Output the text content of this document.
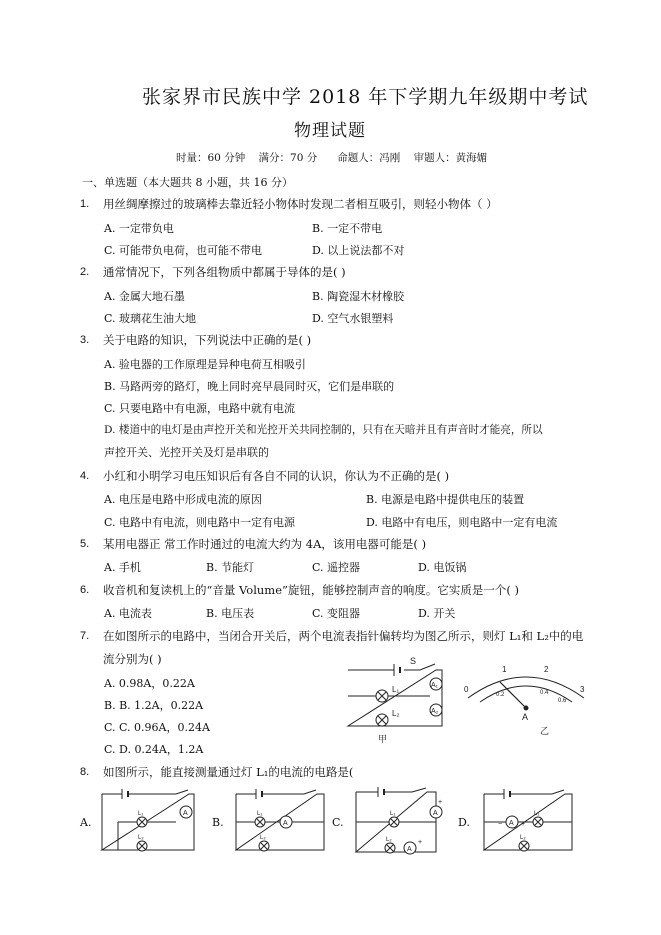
张家界市民族中学 2018 年下学期九年级期中考试
物理试题
时量：60 分钟    满分：70 分      命题人：冯刚    审题人：黄海媚
一、单选题（本大题共 8 小题，共 16 分）
1. 用丝绸摩擦过的玻璃棒去靠近轻小物体时发现二者相互吸引，则轻小物体（ ）
A. 一定带负电	B. 一定不带电
C. 可能带负电荷，也可能不带电	D. 以上说法都不对
2. 通常情况下，下列各组物质中都属于导体的是( )
A. 金属大地石墨	B. 陶瓷湿木材橡胶
C. 玻璃花生油大地	D. 空气水银塑料
3. 关于电路的知识，下列说法中正确的是( )
A. 验电器的工作原理是异种电荷互相吸引
B. 马路两旁的路灯，晚上同时亮早晨同时灭，它们是串联的
C. 只要电路中有电源，电路中就有电流
D. 楼道中的电灯是由声控开关和光控开关共同控制的，只有在天暗并且有声音时才能亮，所以
声控开关、光控开关及灯是串联的
4. 小红和小明学习电压知识后有各自不同的认识，你认为不正确的是( )
A. 电压是电路中形成电流的原因	B. 电源是电路中提供电压的装置
C. 电路中有电流，则电路中一定有电源	D. 电路中有电压，则电路中一定有电流
5. 某用电器正 常工作时通过的电流大约为 4A，该用电器可能是( )
A. 手机	B. 节能灯	C. 遥控器	D. 电饭锅
6. 收音机和复读机上的“音量 Volume”旋钮，能够控制声音的响度。它实质是一个( )
A. 电流表	B. 电压表	C. 变阻器	D. 开关
7. 在如图所示的电路中，当闭合开关后，两个电流表指针偏转均为图乙所示，则灯 L₁和 L₂中的电
流分别为( )
A. 0.98A，0.22A
B. B. 1.2A，0.22A
C. C. 0.96A，0.24A
C. D. 0.24A，1.2A
S
L₁
L₂
A₁
A₂
甲
0
1	2
3
0.2	0.4
0.6
A
乙
8. 如图所示，能直接测量通过灯 L₁的电流的电路是(
A.	B.	C.	D.
A
L₁
L₂
A
L₁
L₂
A
A
+
+
L₁
L₂
A
−	+
L₁
L₂
